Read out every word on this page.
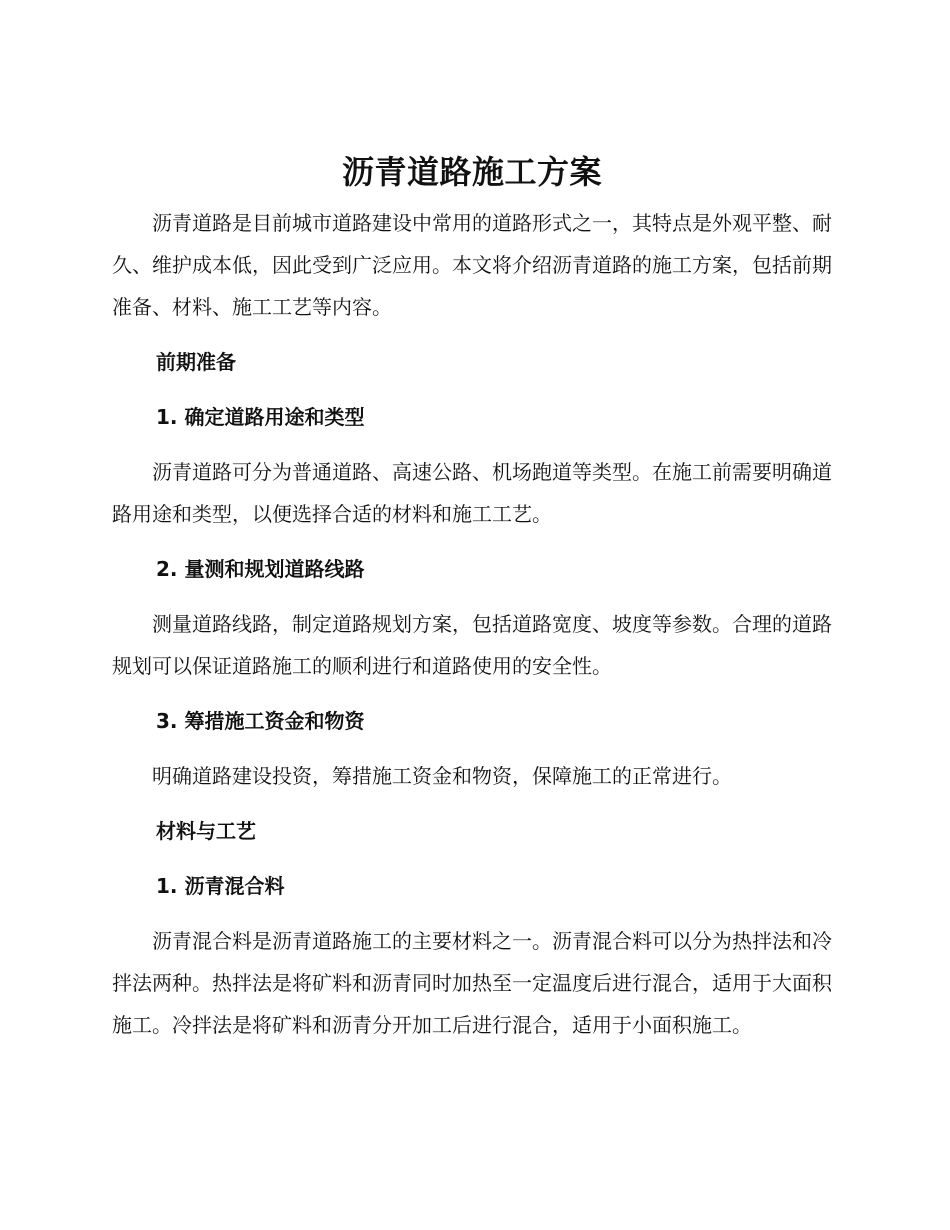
沥青道路施工方案

沥青道路是目前城市道路建设中常用的道路形式之一，其特点是外观平整、耐久、维护成本低，因此受到广泛应用。本文将介绍沥青道路的施工方案，包括前期准备、材料、施工工艺等内容。

前期准备
1. 确定道路用途和类型

沥青道路可分为普通道路、高速公路、机场跑道等类型。在施工前需要明确道路用途和类型，以便选择合适的材料和施工工艺。

2. 量测和规划道路线路

测量道路线路，制定道路规划方案，包括道路宽度、坡度等参数。合理的道路规划可以保证道路施工的顺利进行和道路使用的安全性。

3. 筹措施工资金和物资

明确道路建设投资，筹措施工资金和物资，保障施工的正常进行。

材料与工艺
1. 沥青混合料

沥青混合料是沥青道路施工的主要材料之一。沥青混合料可以分为热拌法和冷拌法两种。热拌法是将矿料和沥青同时加热至一定温度后进行混合，适用于大面积施工。冷拌法是将矿料和沥青分开加工后进行混合，适用于小面积施工。
